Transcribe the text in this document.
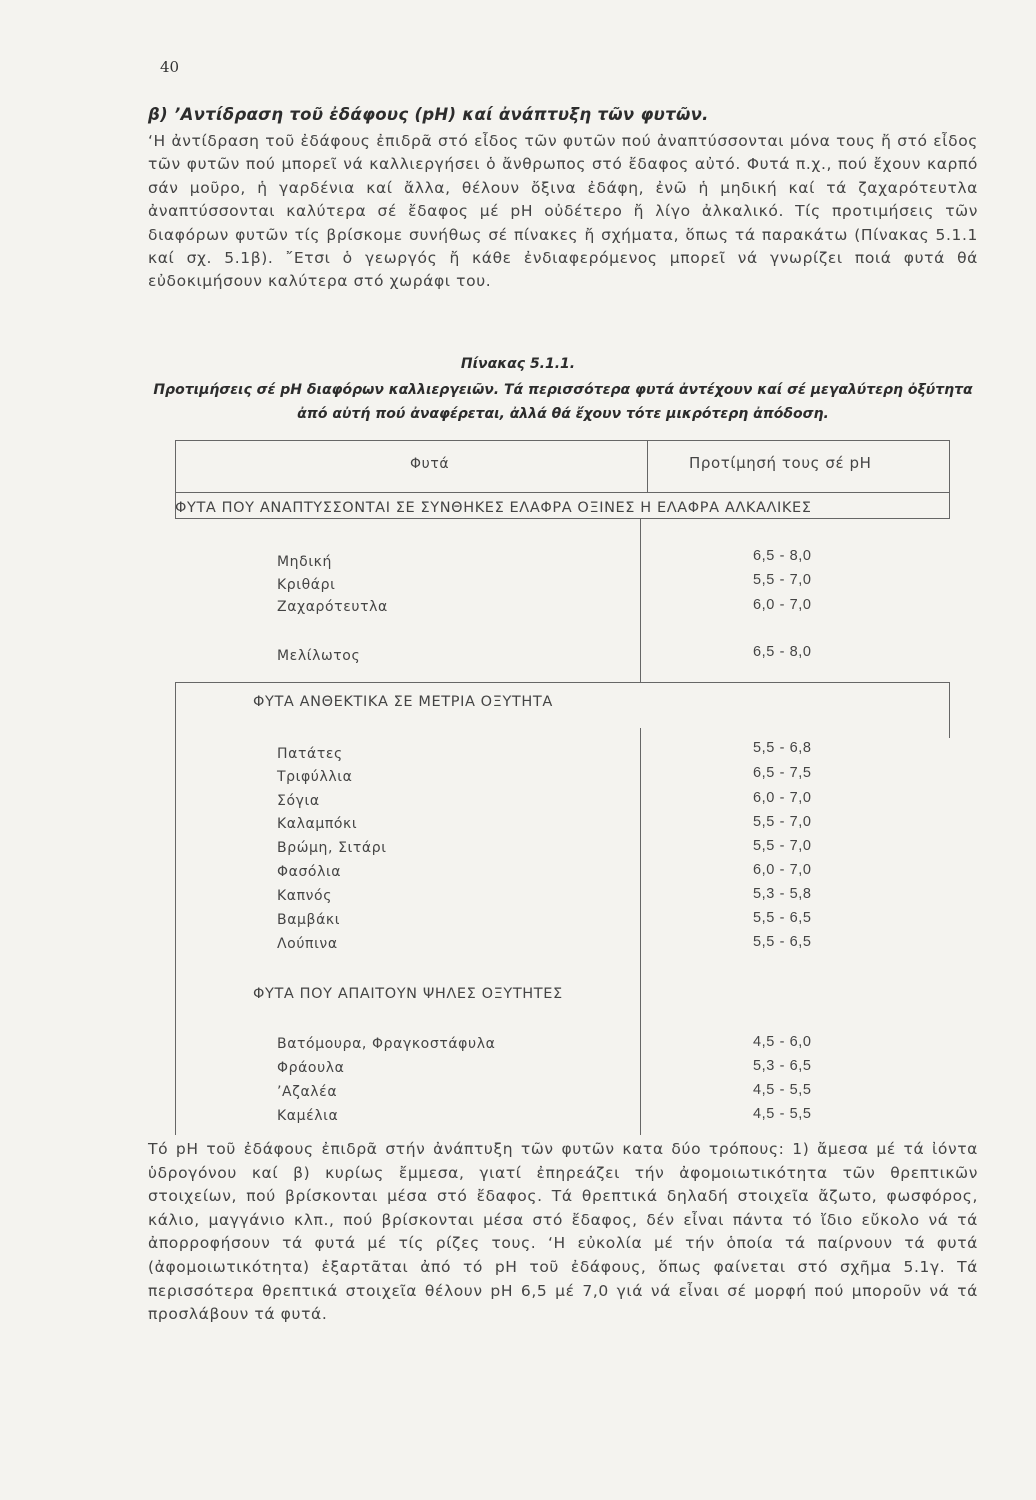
40
β) ’Αντίδραση τοῦ ἐδάφους (pH) καί ἀνάπτυξη τῶν φυτῶν.
‘Η ἀντίδραση τοῦ ἐδάφους ἐπιδρᾶ στό εἶδος τῶν φυτῶν πού ἀναπτύσσονται μόνα τους ἤ στό εἶδος τῶν φυτῶν πού μπορεῖ νά καλλιεργήσει ὁ ἄνθρωπος στό ἔδαφος αὐτό. Φυτά π.χ., πού ἔχουν καρπό σάν μοῦρο, ἡ γαρδένια καί ἄλλα, θέλουν ὄξινα ἐδάφη, ἐνῶ ἡ μηδική καί τά ζαχαρότευτλα ἀναπτύσσονται καλύτερα σέ ἔδαφος μέ pH οὐδέτερο ἤ λίγο ἀλκαλικό. Τίς προτιμήσεις τῶν διαφόρων φυτῶν τίς βρίσκομε συνήθως σέ πίνακες ἤ σχήματα, ὅπως τά παρακάτω (Πίνακας 5.1.1 καί σχ. 5.1β). ῎Ετσι ὁ γεωργός ἤ κάθε ἐνδιαφερόμενος μπορεῖ νά γνωρίζει ποιά φυτά θά εὐδοκιμήσουν καλύτερα στό χωράφι του.
Πίνακας 5.1.1.
Προτιμήσεις σέ pH διαφόρων καλλιεργειῶν. Τά περισσότερα φυτά ἀντέχουν καί σέ μεγαλύτερη ὀξύτητα ἀπό αὐτή πού ἀναφέρεται, ἀλλά θά ἔχουν τότε μικρότερη ἀπόδοση.
Φυτά	Προτίμησή τους σέ pH
ΦΥΤΑ ΠΟΥ ΑΝΑΠΤΥΣΣΟΝΤΑΙ ΣΕ ΣΥΝΘΗΚΕΣ ΕΛΑΦΡΑ ΟΞΙΝΕΣ Η ΕΛΑΦΡΑ ΑΛΚΑΛΙΚΕΣ
Μηδική	6,5 - 8,0
Κριθάρι	5,5 - 7,0
Ζαχαρότευτλα	6,0 - 7,0
Μελίλωτος	6,5 - 8,0
ΦΥΤΑ ΑΝΘΕΚΤΙΚΑ ΣΕ ΜΕΤΡΙΑ ΟΞΥΤΗΤΑ
Πατάτες	5,5 - 6,8
Τριφύλλια	6,5 - 7,5
Σόγια	6,0 - 7,0
Καλαμπόκι	5,5 - 7,0
Βρώμη, Σιτάρι	5,5 - 7,0
Φασόλια	6,0 - 7,0
Καπνός	5,3 - 5,8
Βαμβάκι	5,5 - 6,5
Λούπινα	5,5 - 6,5
ΦΥΤΑ ΠΟΥ ΑΠΑΙΤΟΥΝ ΨΗΛΕΣ ΟΞΥΤΗΤΕΣ
Βατόμουρα, Φραγκοστάφυλα	4,5 - 6,0
Φράουλα	5,3 - 6,5
’Αζαλέα	4,5 - 5,5
Καμέλια	4,5 - 5,5
Τό pH τοῦ ἐδάφους ἐπιδρᾶ στήν ἀνάπτυξη τῶν φυτῶν κατα δύο τρόπους: 1) ἄμεσα μέ τά ἰόντα ὑδρογόνου καί β) κυρίως ἔμμεσα, γιατί ἐπηρεάζει τήν ἀφομοιωτικότητα τῶν θρεπτικῶν στοιχείων, πού βρίσκονται μέσα στό ἔδαφος. Τά θρεπτικά δηλαδή στοιχεῖα ἄζωτο, φωσφόρος, κάλιο, μαγγάνιο κλπ., πού βρίσκονται μέσα στό ἔδαφος, δέν εἶναι πάντα τό ἴδιο εὔκολο νά τά ἀπορροφήσουν τά φυτά μέ τίς ρίζες τους. ‘Η εὐκολία μέ τήν ὁποία τά παίρνουν τά φυτά (ἀφομοιωτικότητα) ἐξαρτᾶται ἀπό τό pH τοῦ ἐδάφους, ὅπως φαίνεται στό σχῆμα 5.1γ. Τά περισσότερα θρεπτικά στοιχεῖα θέλουν pH 6,5 μέ 7,0 γιά νά εἶναι σέ μορφή πού μποροῦν νά τά προσλάβουν τά φυτά.
